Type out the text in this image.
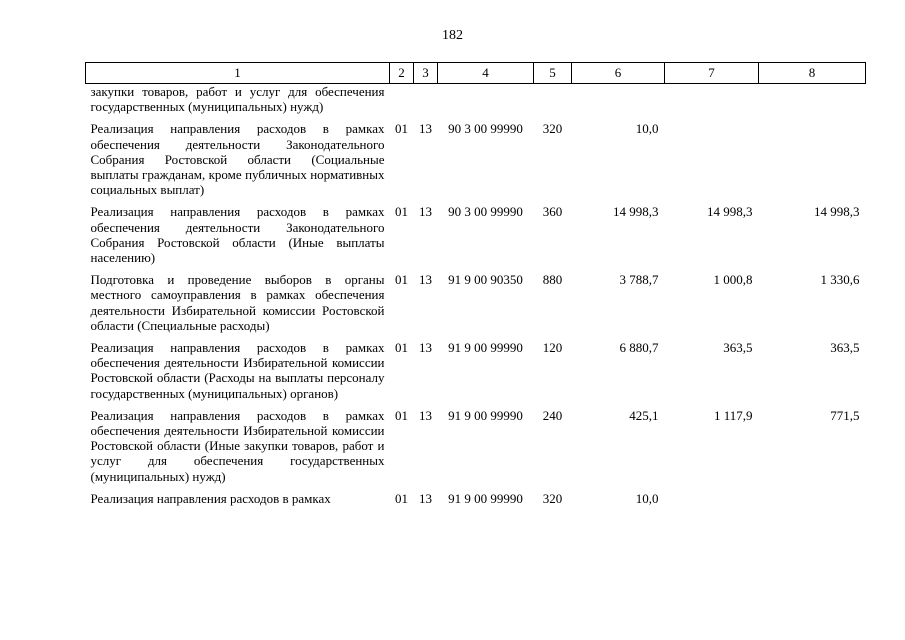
182
1	2	3	4	5	6	7	8
закупки товаров, работ и услуг для обеспечения государственных (муниципальных) нужд)							
Реализация направления расходов в рамках обеспечения деятельности Законодательного Собрания Ростовской области (Социальные выплаты гражданам, кроме публичных нормативных социальных выплат)	01	13	90 3 00 99990	320	10,0		
Реализация направления расходов в рамках обеспечения деятельности Законодательного Собрания Ростовской области (Иные выплаты населению)	01	13	90 3 00 99990	360	14 998,3	14 998,3	14 998,3
Подготовка и проведение выборов в органы местного самоуправления в рамках обеспечения деятельности Избирательной комиссии Ростовской области (Специальные расходы)	01	13	91 9 00 90350	880	3 788,7	1 000,8	1 330,6
Реализация направления расходов в рамках обеспечения деятельности Избирательной комиссии Ростовской области (Расходы на выплаты персоналу государственных (муниципальных) органов)	01	13	91 9 00 99990	120	6 880,7	363,5	363,5
Реализация направления расходов в рамках обеспечения деятельности Избирательной комиссии Ростовской области (Иные закупки товаров, работ и услуг для обеспечения государственных (муниципальных) нужд)	01	13	91 9 00 99990	240	425,1	1 117,9	771,5
Реализация направления расходов в рамках	01	13	91 9 00 99990	320	10,0		
